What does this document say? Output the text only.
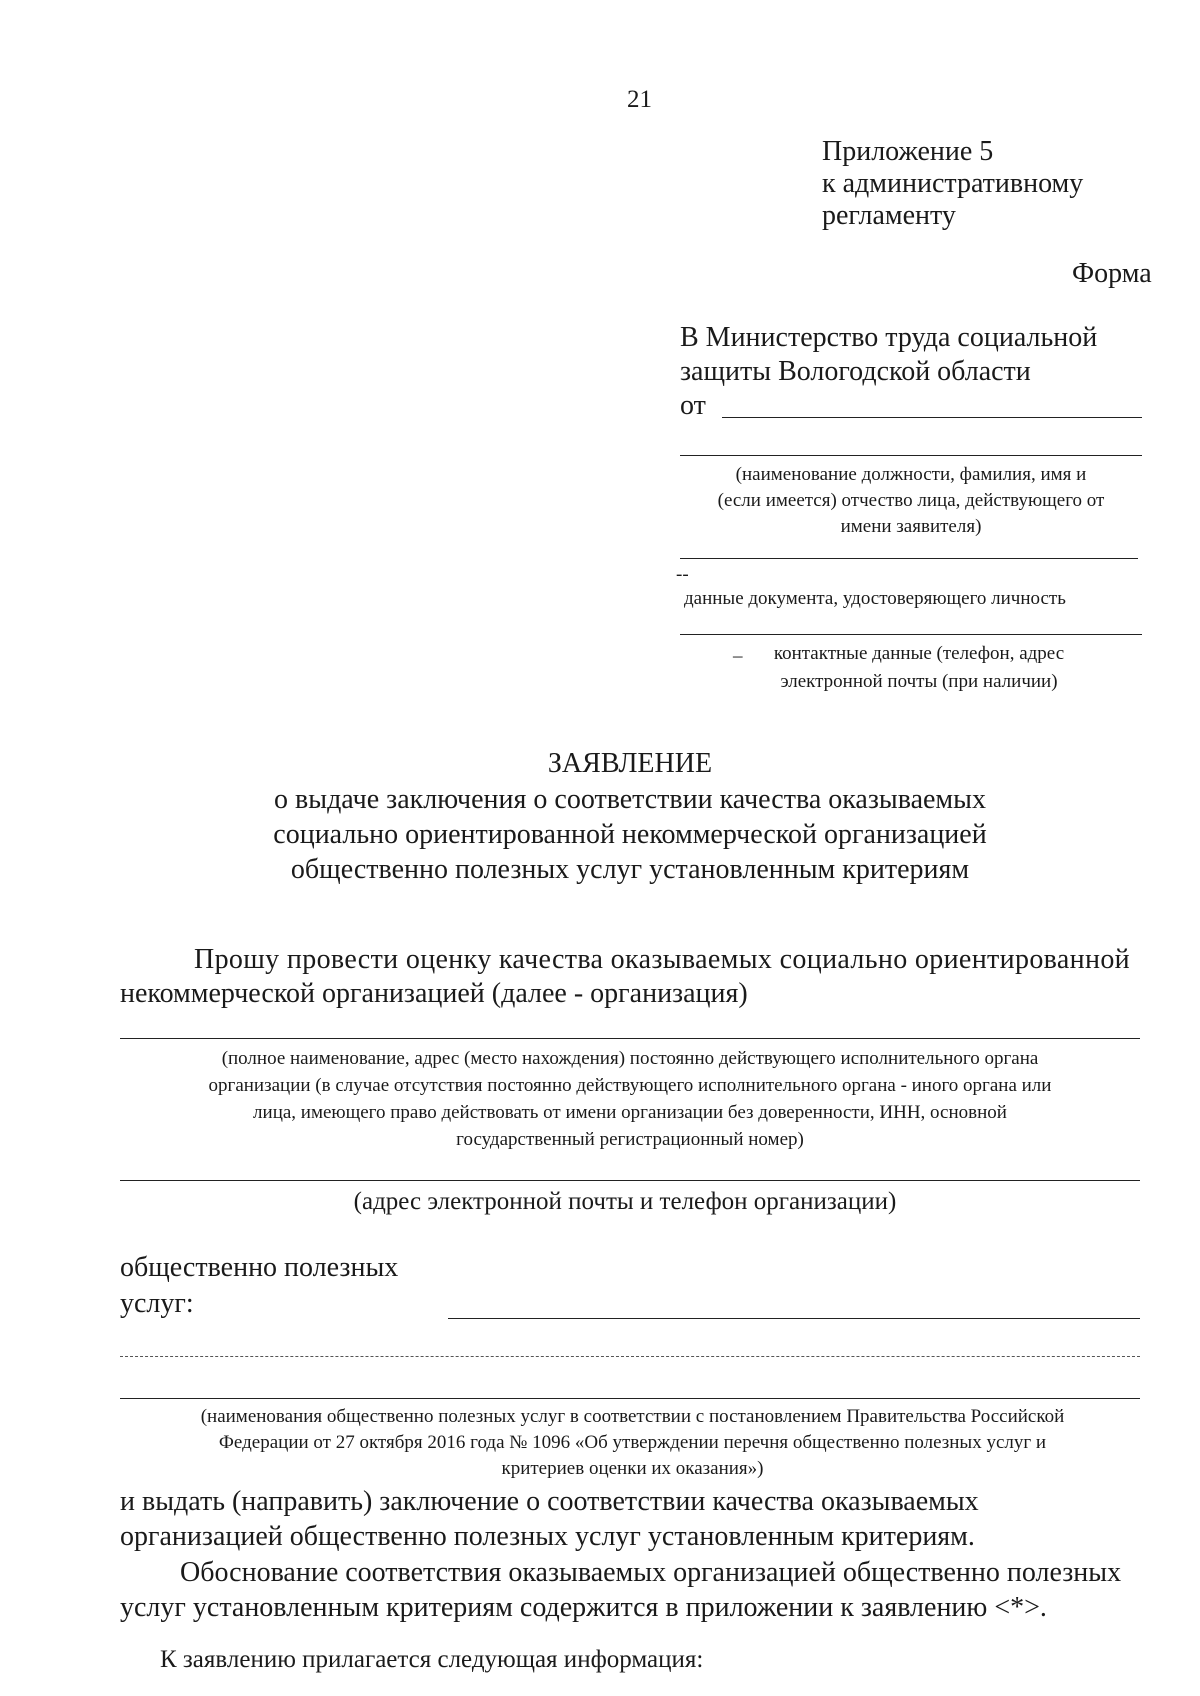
21
Приложение 5
к административному
регламенту
Форма
В Министерство труда социальной
защиты Вологодской области
от
(наименование должности, фамилия, имя и
(если имеется) отчество лица, действующего от
имени заявителя)
--
данные документа, удостоверяющего личность
_	контактные данные (телефон, адрес
электронной почты (при наличии)
ЗАЯВЛЕНИЕ
о выдаче заключения о соответствии качества оказываемых
социально ориентированной некоммерческой организацией
общественно полезных услуг установленным критериям
Прошу провести оценку качества оказываемых социально ориентированной
некоммерческой организацией (далее - организация)
(полное наименование, адрес (место нахождения) постоянно действующего исполнительного органа
организации (в случае отсутствия постоянно действующего исполнительного органа - иного органа или
лица, имеющего право действовать от имени организации без доверенности, ИНН, основной
государственный регистрационный номер)
(адрес электронной почты и телефон организации)
общественно полезных
услуг:
(наименования общественно полезных услуг в соответствии с постановлением Правительства Российской
Федерации от 27 октября 2016 года № 1096 «Об утверждении перечня общественно полезных услуг и
критериев оценки их оказания»)
и выдать (направить) заключение о соответствии качества оказываемых
организацией общественно полезных услуг установленным критериям.
Обоснование соответствия оказываемых организацией общественно полезных
услуг установленным критериям содержится в приложении к заявлению <*>.
К заявлению прилагается следующая информация:
